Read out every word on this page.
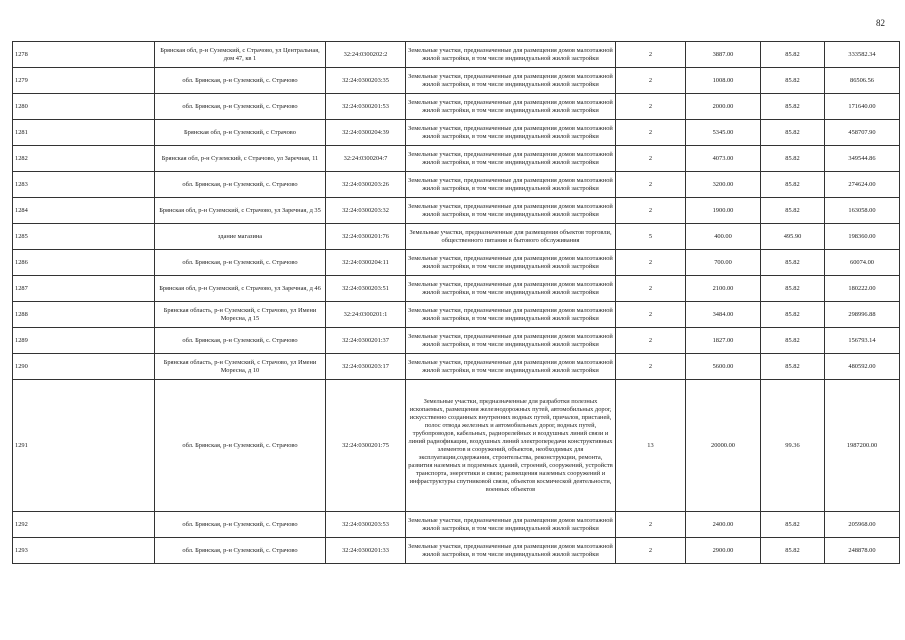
82
1278	Брянская обл, р-н Суземский, с Страчово, ул Центральная, дом 47, кв 1	32:24:0300202:2	Земельные участки, предназначенные для размещения домов малоэтажной жилой застройки, в том числе индивидуальной жилой застройки	2	3887.00	85.82	333582.34
1279	обл. Брянская, р-н Суземский, с. Страчово	32:24:0300203:35	Земельные участки, предназначенные для размещения домов малоэтажной жилой застройки, в том числе индивидуальной жилой застройки	2	1008.00	85.82	86506.56
1280	обл. Брянская, р-н Суземский, с. Страчово	32:24:0300201:53	Земельные участки, предназначенные для размещения домов малоэтажной жилой застройки, в том числе индивидуальной жилой застройки	2	2000.00	85.82	171640.00
1281	Брянская обл, р-н Суземский, с Страчово	32:24:0300204:39	Земельные участки, предназначенные для размещения домов малоэтажной жилой застройки, в том числе индивидуальной жилой застройки	2	5345.00	85.82	458707.90
1282	Брянская обл, р-н Суземский, с Страчово, ул Заречная, 11	32:24:0300204:7	Земельные участки, предназначенные для размещения домов малоэтажной жилой застройки, в том числе индивидуальной жилой застройки	2	4073.00	85.82	349544.86
1283	обл. Брянская, р-н Суземский, с. Страчово	32:24:0300203:26	Земельные участки, предназначенные для размещения домов малоэтажной жилой застройки, в том числе индивидуальной жилой застройки	2	3200.00	85.82	274624.00
1284	Брянская обл, р-н Суземский, с Страчово, ул Заречная, д 35	32:24:0300203:32	Земельные участки, предназначенные для размещения домов малоэтажной жилой застройки, в том числе индивидуальной жилой застройки	2	1900.00	85.82	163058.00
1285	здание магазина	32:24:0300201:76	Земельные участки, предназначенные для размещения объектов торговли, общественного питания и бытового обслуживания	5	400.00	495.90	198360.00
1286	обл. Брянская, р-н Суземский, с. Страчово	32:24:0300204:11	Земельные участки, предназначенные для размещения домов малоэтажной жилой застройки, в том числе индивидуальной жилой застройки	2	700.00	85.82	60074.00
1287	Брянская обл, р-н Суземский, с Страчово, ул Заречная, д 46	32:24:0300203:51	Земельные участки, предназначенные для размещения домов малоэтажной жилой застройки, в том числе индивидуальной жилой застройки	2	2100.00	85.82	180222.00
1288	Брянская область, р-н Суземский, с Страчово, ул Имени Моресна, д 15	32:24:0300201:1	Земельные участки, предназначенные для размещения домов малоэтажной жилой застройки, в том числе индивидуальной жилой застройки	2	3484.00	85.82	298996.88
1289	обл. Брянская, р-н Суземский, с. Страчово	32:24:0300201:37	Земельные участки, предназначенные для размещения домов малоэтажной жилой застройки, в том числе индивидуальной жилой застройки	2	1827.00	85.82	156793.14
1290	Брянская область, р-н Суземский, с Страчово, ул Имени Моресна, д 10	32:24:0300203:17	Земельные участки, предназначенные для размещения домов малоэтажной жилой застройки, в том числе индивидуальной жилой застройки	2	5600.00	85.82	480592.00
1291	обл. Брянская, р-н Суземский, с. Страчово	32:24:0300201:75	Земельные участки, предназначенные для разработки полезных ископаемых, размещения железнодорожных путей, автомобильных дорог, искусственно созданных внутренних водных путей, причалов, пристаней, полос отвода железных и автомобильных дорог, водных путей, трубопроводов, кабельных, радиорелейных и воздушных линий связи и линий радиофикации, воздушных линий электропередачи конструктивных элементов и сооружений, объектов, необходимых для эксплуатации,содержания, строительства, реконструкции, ремонта, развития наземных и подземных зданий, строений, сооружений, устройств транспорта, энергетики и связи; размещения наземных сооружений и инфраструктуры спутниковой связи, объектов космической деятельности, военных объектов	13	20000.00	99.36	1987200.00
1292	обл. Брянская, р-н Суземский, с. Страчово	32:24:0300203:53	Земельные участки, предназначенные для размещения домов малоэтажной жилой застройки, в том числе индивидуальной жилой застройки	2	2400.00	85.82	205968.00
1293	обл. Брянская, р-н Суземский, с. Страчово	32:24:0300201:33	Земельные участки, предназначенные для размещения домов малоэтажной жилой застройки, в том числе индивидуальной жилой застройки	2	2900.00	85.82	248878.00
